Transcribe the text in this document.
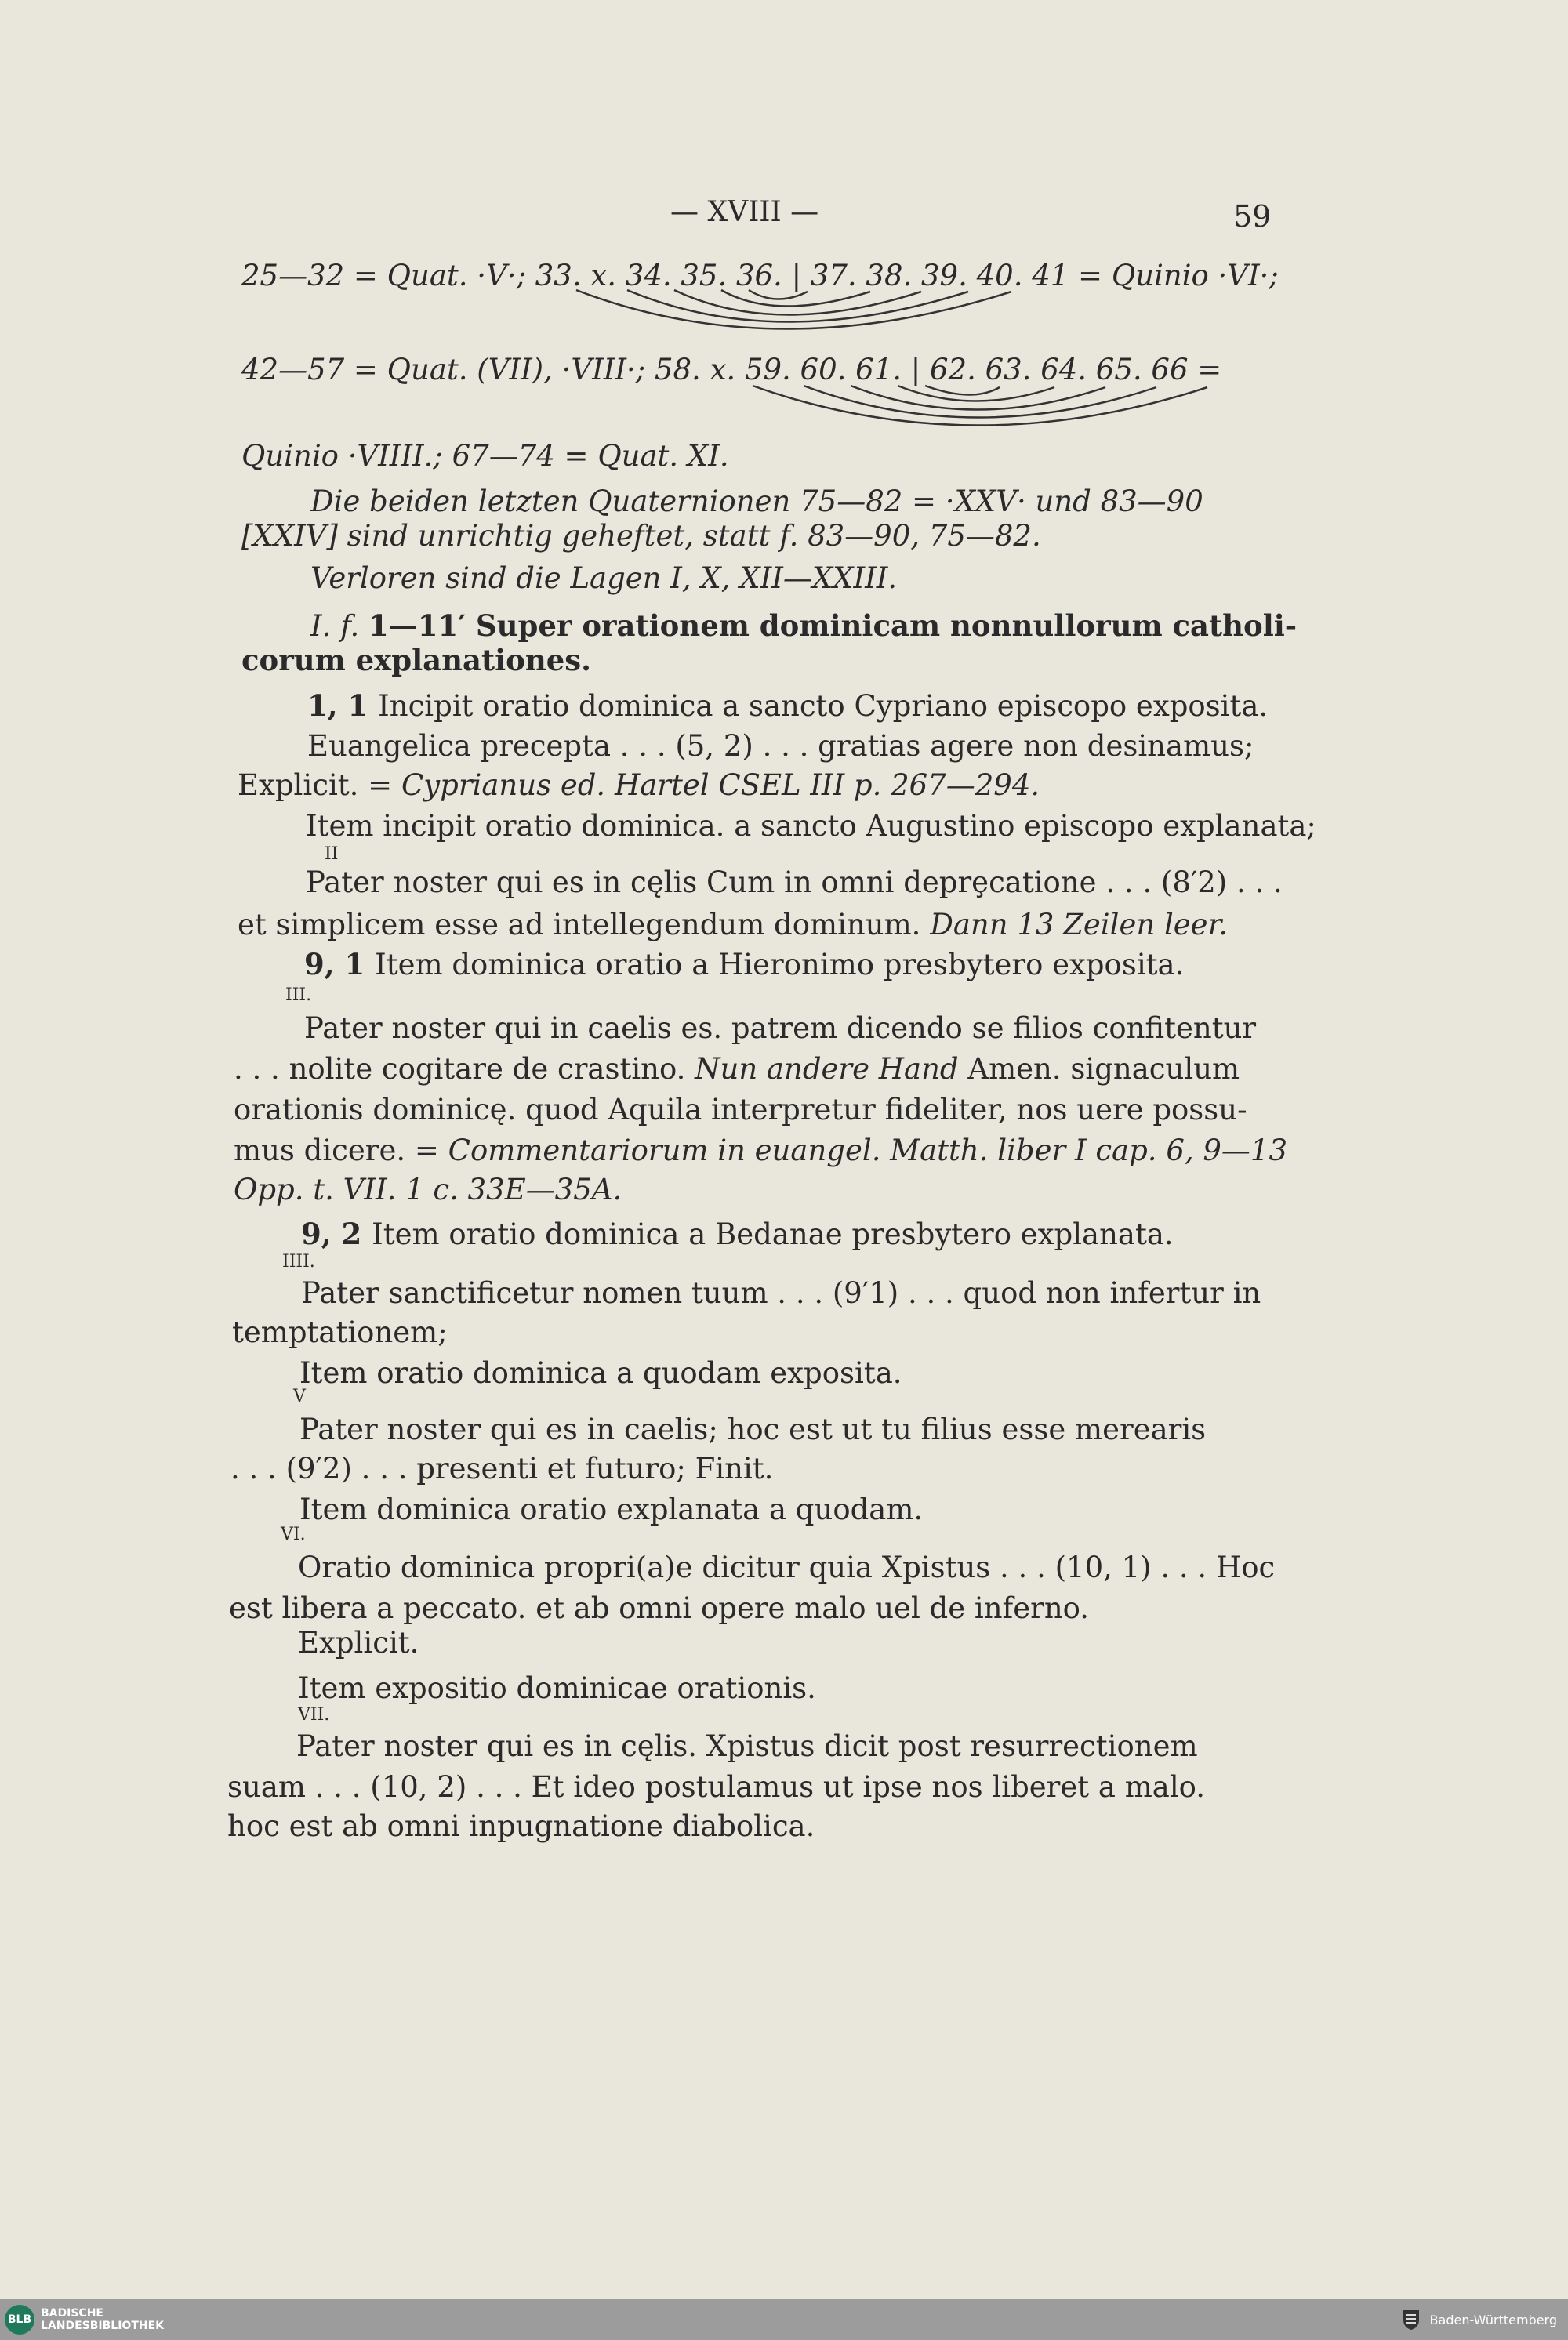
— XVIII —	59
25—32 = Quat. ·V·; 33. x. 34. 35. 36. | 37. 38. 39. 40. 41 = Quinio ·VI·;
42—57 = Quat. (VII), ·VIII·; 58. x. 59. 60. 61. | 62. 63. 64. 65. 66 =
Quinio ·VIIII.; 67—74 = Quat. XI.
Die beiden letzten Quaternionen 75—82 = ·XXV· und 83—90
[XXIV] sind unrichtig geheftet, statt f. 83—90, 75—82.
Verloren sind die Lagen I, X, XII—XXIII.
I. f. 1—11′ Super orationem dominicam nonnullorum catholi-
corum explanationes.
1, 1 Incipit oratio dominica a sancto Cypriano episcopo exposita.
Euangelica precepta . . . (5, 2) . . . gratias agere non desinamus;
Explicit. = Cyprianus ed. Hartel CSEL III p. 267—294.
Item incipit oratio dominica. a sancto Augustino episcopo explanata;
Pater noster qui es in cęlis Cum in omni deprȩcatione . . . (8′2) . . .
et simplicem esse ad intellegendum dominum. Dann 13 Zeilen leer.
9, 1 Item dominica oratio a Hieronimo presbytero exposita.
Pater noster qui in caelis es. patrem dicendo se filios confitentur
. . . nolite cogitare de crastino. Nun andere Hand Amen. signaculum
orationis dominicę. quod Aquila interpretur fideliter, nos uere possu-
mus dicere. = Commentariorum in euangel. Matth. liber I cap. 6, 9—13
Opp. t. VII. 1 c. 33E—35A.
9, 2 Item oratio dominica a Bedanae presbytero explanata.
Pater sanctificetur nomen tuum . . . (9′1) . . . quod non infertur in
temptationem;
Item oratio dominica a quodam exposita.
Pater noster qui es in caelis; hoc est ut tu filius esse merearis
. . . (9′2) . . . presenti et futuro; Finit.
Item dominica oratio explanata a quodam.
Oratio dominica propri(a)e dicitur quia Xpistus . . . (10, 1) . . . Hoc
est libera a peccato. et ab omni opere malo uel de inferno.
Explicit.
Item expositio dominicae orationis.
Pater noster qui es in cęlis. Xpistus dicit post resurrectionem
suam . . . (10, 2) . . . Et ideo postulamus ut ipse nos liberet a malo.
hoc est ab omni inpugnatione diabolica.
II
III.
IIII.
V
VI.
VII.
BLB BADISCHE
LANDESBIBLIOTHEK	Baden-Württemberg
